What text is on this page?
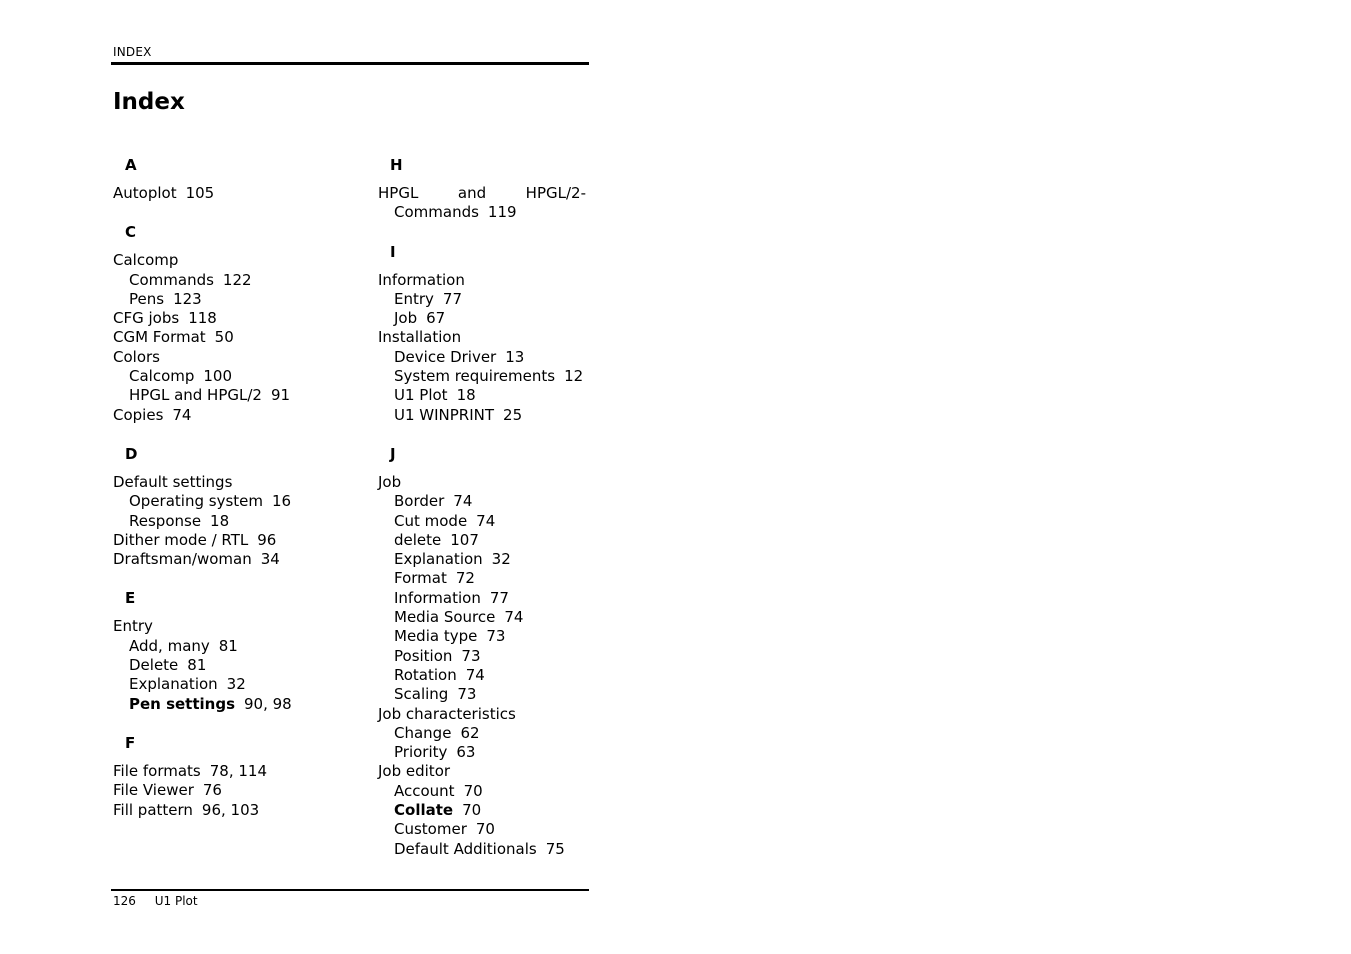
INDEX
Index
A
Autoplot 105
C
Calcomp
Commands 122
Pens 123
CFG jobs 118
CGM Format 50
Colors
Calcomp 100
HPGL and HPGL/2 91
Copies 74
D
Default settings
Operating system 16
Response 18
Dither mode / RTL 96
Draftsman/woman 34
E
Entry
Add, many 81
Delete 81
Explanation 32
Pen settings 90, 98
F
File formats 78, 114
File Viewer 76
Fill pattern 96, 103
H
HPGL	and	HPGL/2-
Commands 119
I
Information
Entry 77
Job 67
Installation
Device Driver 13
System requirements 12
U1 Plot 18
U1 WINPRINT 25
J
Job
Border 74
Cut mode 74
delete 107
Explanation 32
Format 72
Information 77
Media Source 74
Media type 73
Position 73
Rotation 74
Scaling 73
Job characteristics
Change 62
Priority 63
Job editor
Account 70
Collate 70
Customer 70
Default Additionals 75
126 U1 Plot
